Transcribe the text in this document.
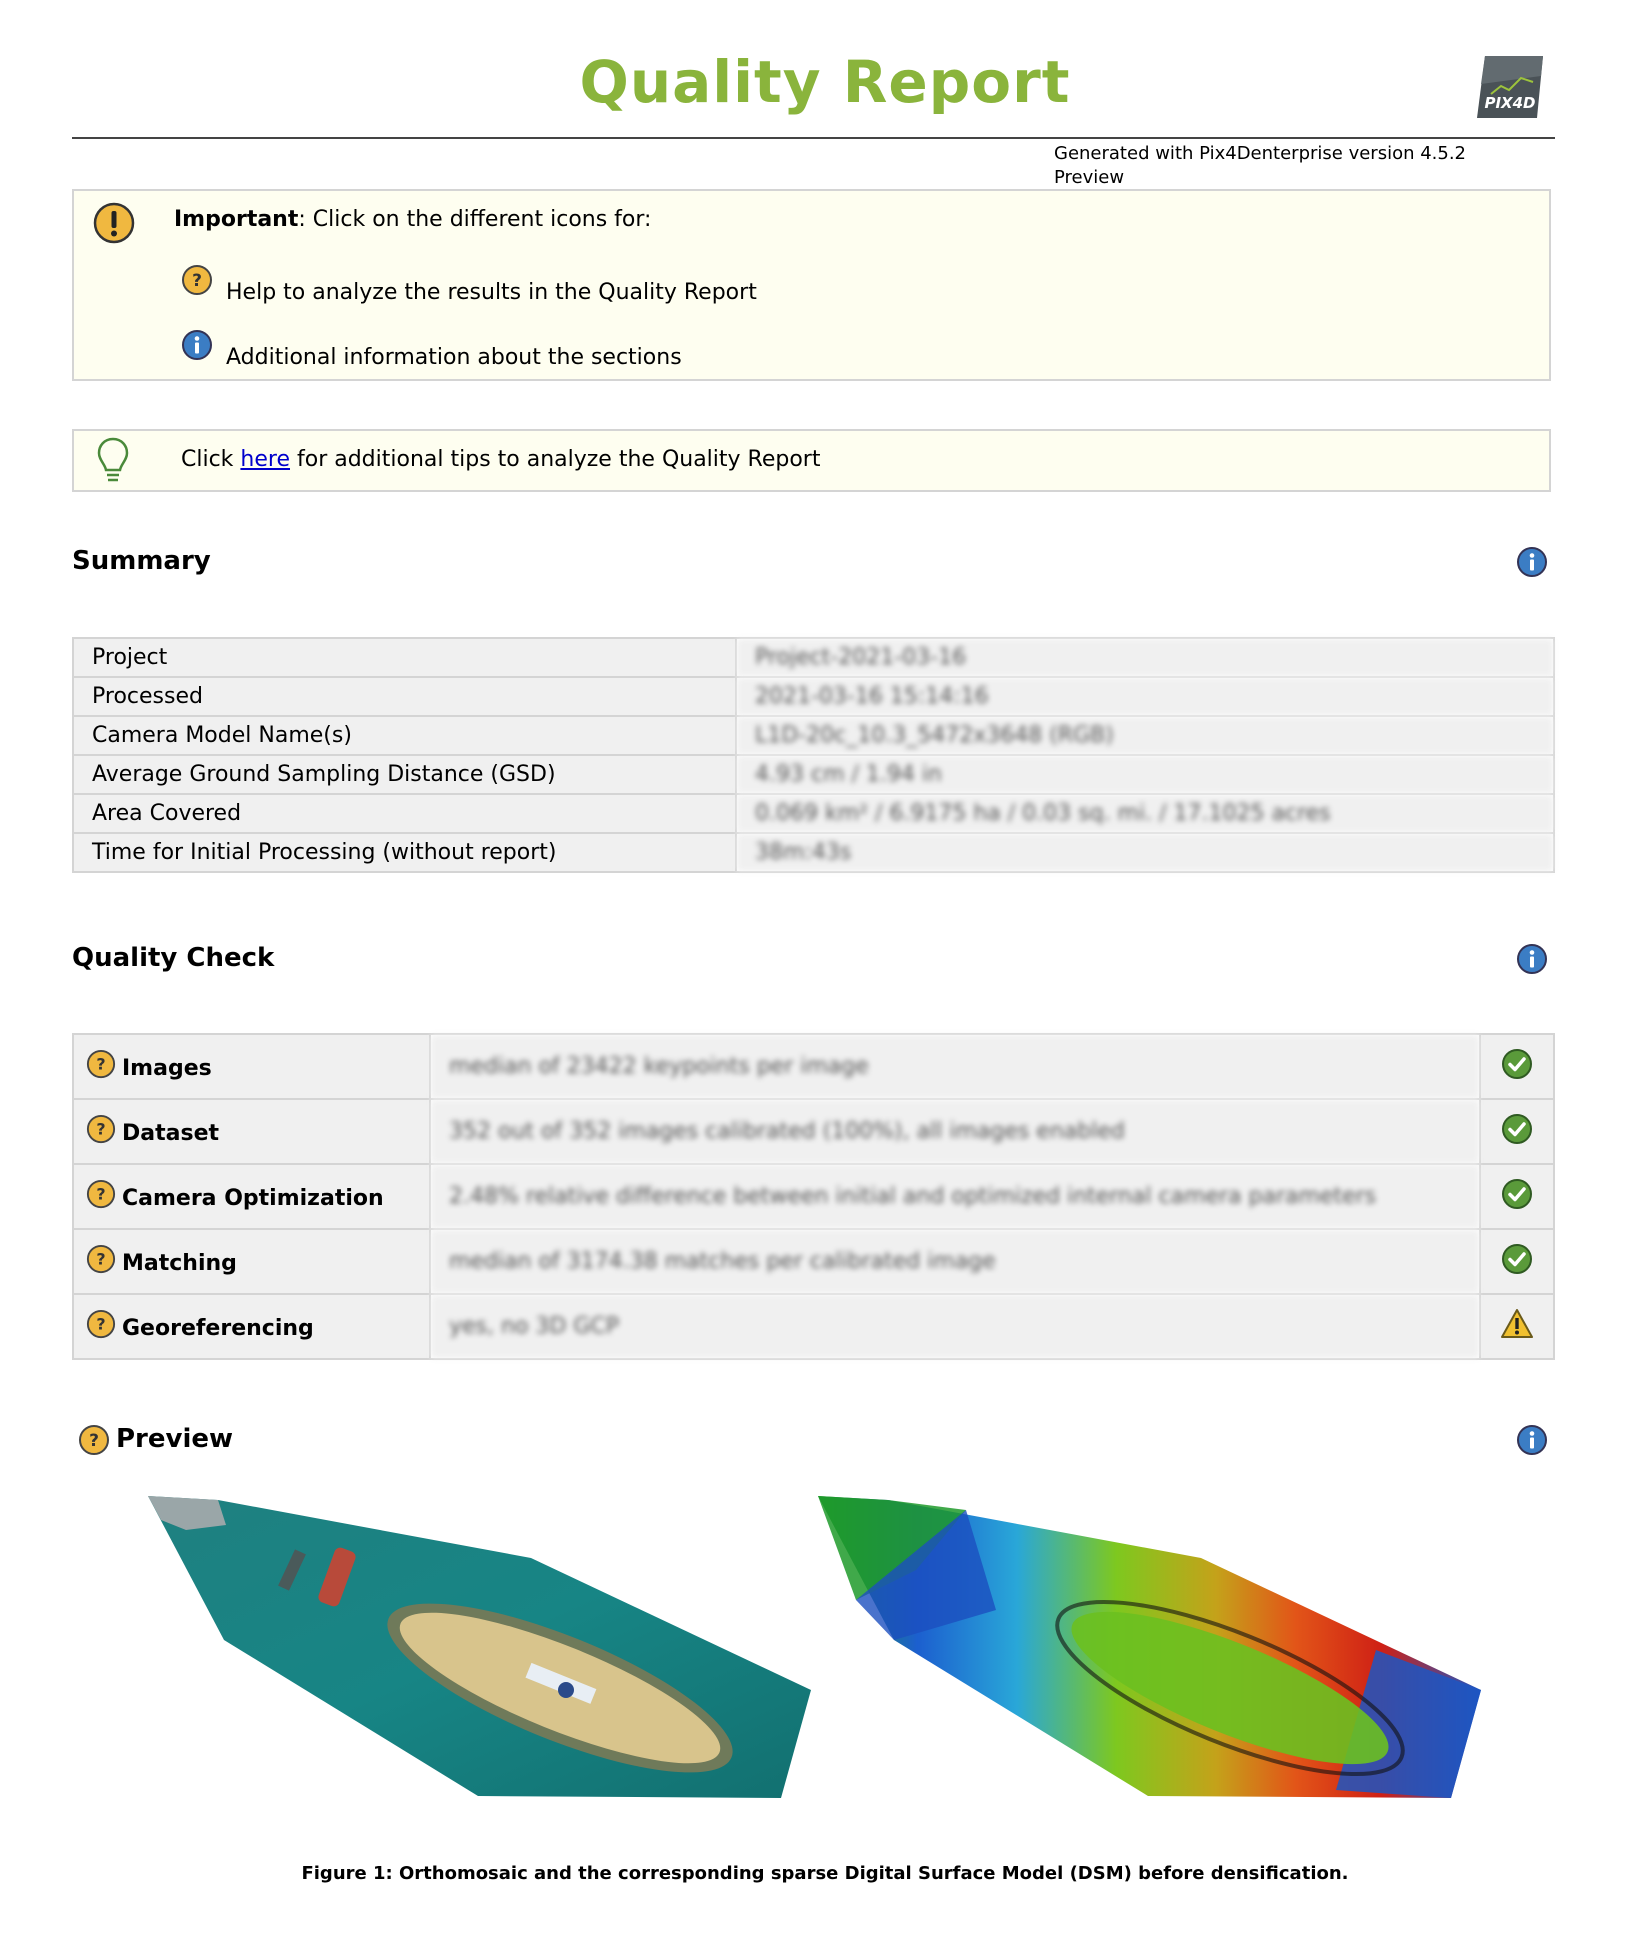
Quality Report	PIX4D
Generated with Pix4Denterprise version 4.5.2
Preview
Important: Click on the different icons for:
? Help to analyze the results in the Quality Report
Additional information about the sections
Click here for additional tips to analyze the Quality Report
Summary
Project	Project-2021-03-16
Processed	2021-03-16 15:14:16
Camera Model Name(s)	L1D-20c_10.3_5472x3648 (RGB)
Average Ground Sampling Distance (GSD)	4.93 cm / 1.94 in
Area Covered	0.069 km² / 6.9175 ha / 0.03 sq. mi. / 17.1025 acres
Time for Initial Processing (without report)	38m:43s
Quality Check
? Images	median of 23422 keypoints per image	

? Dataset	352 out of 352 images calibrated (100%), all images enabled	

? Camera Optimization	2.48% relative difference between initial and optimized internal camera parameters	

? Matching	median of 3174.38 matches per calibrated image	

? Georeferencing	yes, no 3D GCP	
? Preview
Figure 1: Orthomosaic and the corresponding sparse Digital Surface Model (DSM) before densification.
